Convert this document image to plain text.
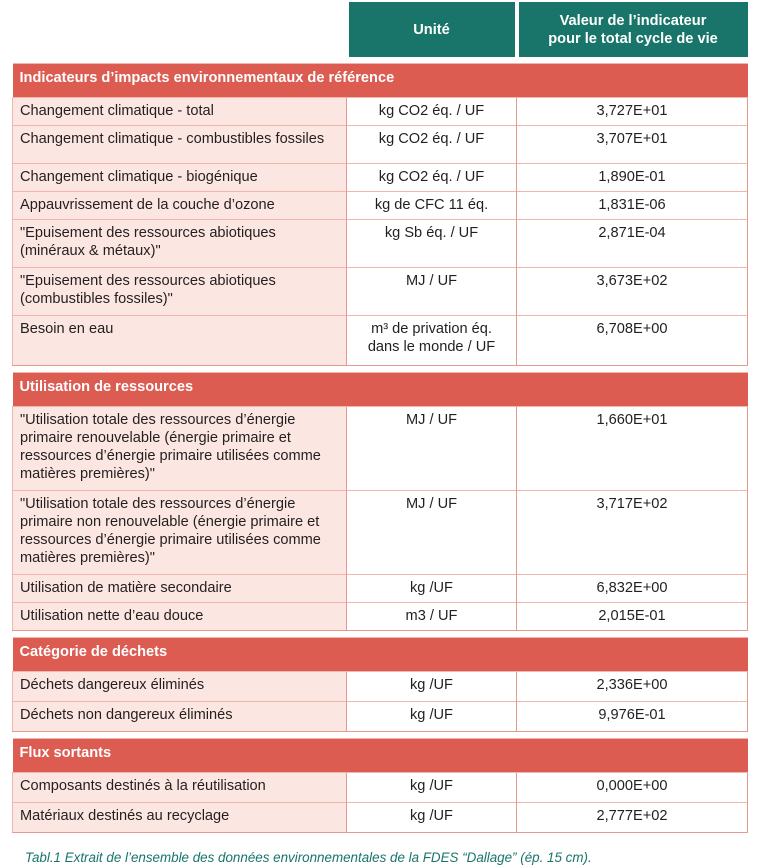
	Unité	Valeur de l’indicateur
pour le total cycle de vie

Indicateurs d’impacts environnementaux de référence		
Changement climatique - total	kg CO2 éq. / UF	3,727E+01
Changement climatique - combustibles fossiles	kg CO2 éq. / UF	3,707E+01
Changement climatique - biogénique	kg CO2 éq. / UF	1,890E-01
Appauvrissement de la couche d’ozone	kg de CFC 11 éq.	1,831E-06
"Epuisement des ressources abiotiques (minéraux & métaux)"	kg Sb éq. / UF	2,871E-04
"Epuisement des ressources abiotiques (combustibles fossiles)"	MJ / UF	3,673E+02
Besoin en eau	m³ de privation éq. dans le monde / UF	6,708E+00

Utilisation de ressources		
"Utilisation totale des ressources d’énergie primaire renouvelable (énergie primaire et ressources d’énergie primaire utilisées comme matières premières)"	MJ / UF	1,660E+01
"Utilisation totale des ressources d’énergie primaire non renouvelable (énergie primaire et ressources d’énergie primaire utilisées comme matières premières)"	MJ / UF	3,717E+02
Utilisation de matière secondaire	kg /UF	6,832E+00
Utilisation nette d’eau douce	m3 / UF	2,015E-01

Catégorie de déchets		
Déchets dangereux éliminés	kg /UF	2,336E+00
Déchets non dangereux éliminés	kg /UF	9,976E-01

Flux sortants		
Composants destinés à la réutilisation	kg /UF	0,000E+00
Matériaux destinés au recyclage	kg /UF	2,777E+02
Tabl.1 Extrait de l’ensemble des données environnementales de la FDES “Dallage” (ép. 15 cm).
